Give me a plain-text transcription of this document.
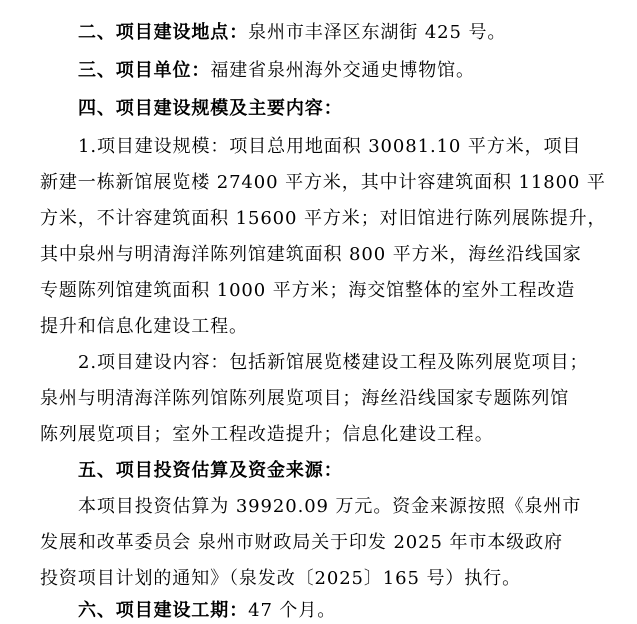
二、项目建设地点：泉州市丰泽区东湖街 425 号。
三、项目单位：福建省泉州海外交通史博物馆。
四、项目建设规模及主要内容：
1.项目建设规模：项目总用地面积 30081.10 平方米，项目
新建一栋新馆展览楼 27400 平方米，其中计容建筑面积 11800 平
方米，不计容建筑面积 15600 平方米；对旧馆进行陈列展陈提升，
其中泉州与明清海洋陈列馆建筑面积 800 平方米，海丝沿线国家
专题陈列馆建筑面积 1000 平方米；海交馆整体的室外工程改造
提升和信息化建设工程。
2.项目建设内容：包括新馆展览楼建设工程及陈列展览项目；
泉州与明清海洋陈列馆陈列展览项目；海丝沿线国家专题陈列馆
陈列展览项目；室外工程改造提升；信息化建设工程。
五、项目投资估算及资金来源：
本项目投资估算为 39920.09 万元。资金来源按照《泉州市
发展和改革委员会 泉州市财政局关于印发 2025 年市本级政府
投资项目计划的通知》（泉发改〔2025〕165 号）执行。
六、项目建设工期：47 个月。
